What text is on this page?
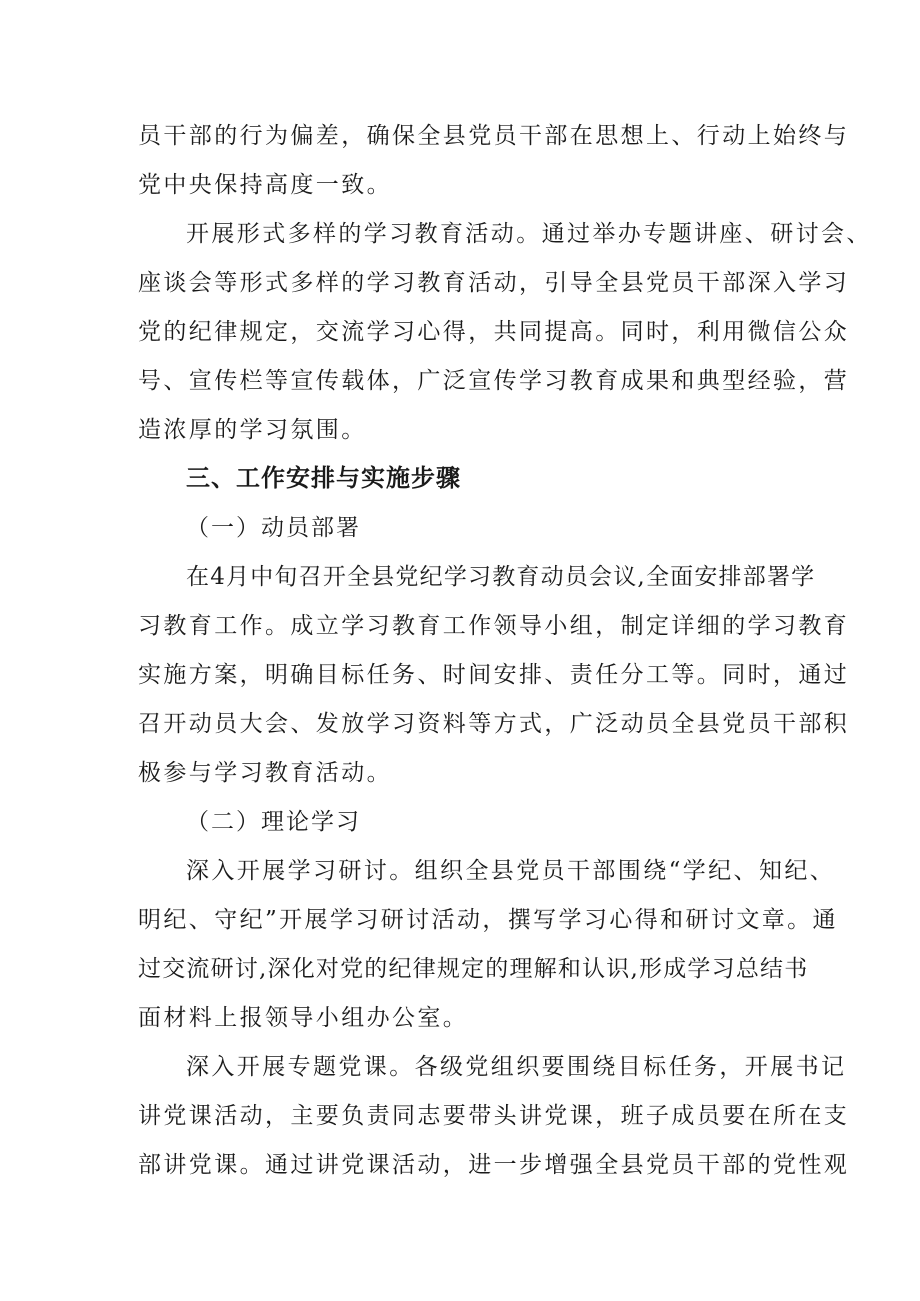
员干部的行为偏差，确保全县党员干部在思想上、行动上始终与
党中央保持高度一致。
开展形式多样的学习教育活动。通过举办专题讲座、研讨会、
座谈会等形式多样的学习教育活动，引导全县党员干部深入学习
党的纪律规定，交流学习心得，共同提高。同时，利用微信公众
号、宣传栏等宣传载体，广泛宣传学习教育成果和典型经验，营
造浓厚的学习氛围。
三、工作安排与实施步骤
（一）动员部署
在4月中旬召开全县党纪学习教育动员会议,全面安排部署学
习教育工作。成立学习教育工作领导小组，制定详细的学习教育
实施方案，明确目标任务、时间安排、责任分工等。同时，通过
召开动员大会、发放学习资料等方式，广泛动员全县党员干部积
极参与学习教育活动。
（二）理论学习
深入开展学习研讨。组织全县党员干部围绕“学纪、知纪、
明纪、守纪”开展学习研讨活动，撰写学习心得和研讨文章。通
过交流研讨,深化对党的纪律规定的理解和认识,形成学习总结书
面材料上报领导小组办公室。
深入开展专题党课。各级党组织要围绕目标任务，开展书记
讲党课活动，主要负责同志要带头讲党课，班子成员要在所在支
部讲党课。通过讲党课活动，进一步增强全县党员干部的党性观
